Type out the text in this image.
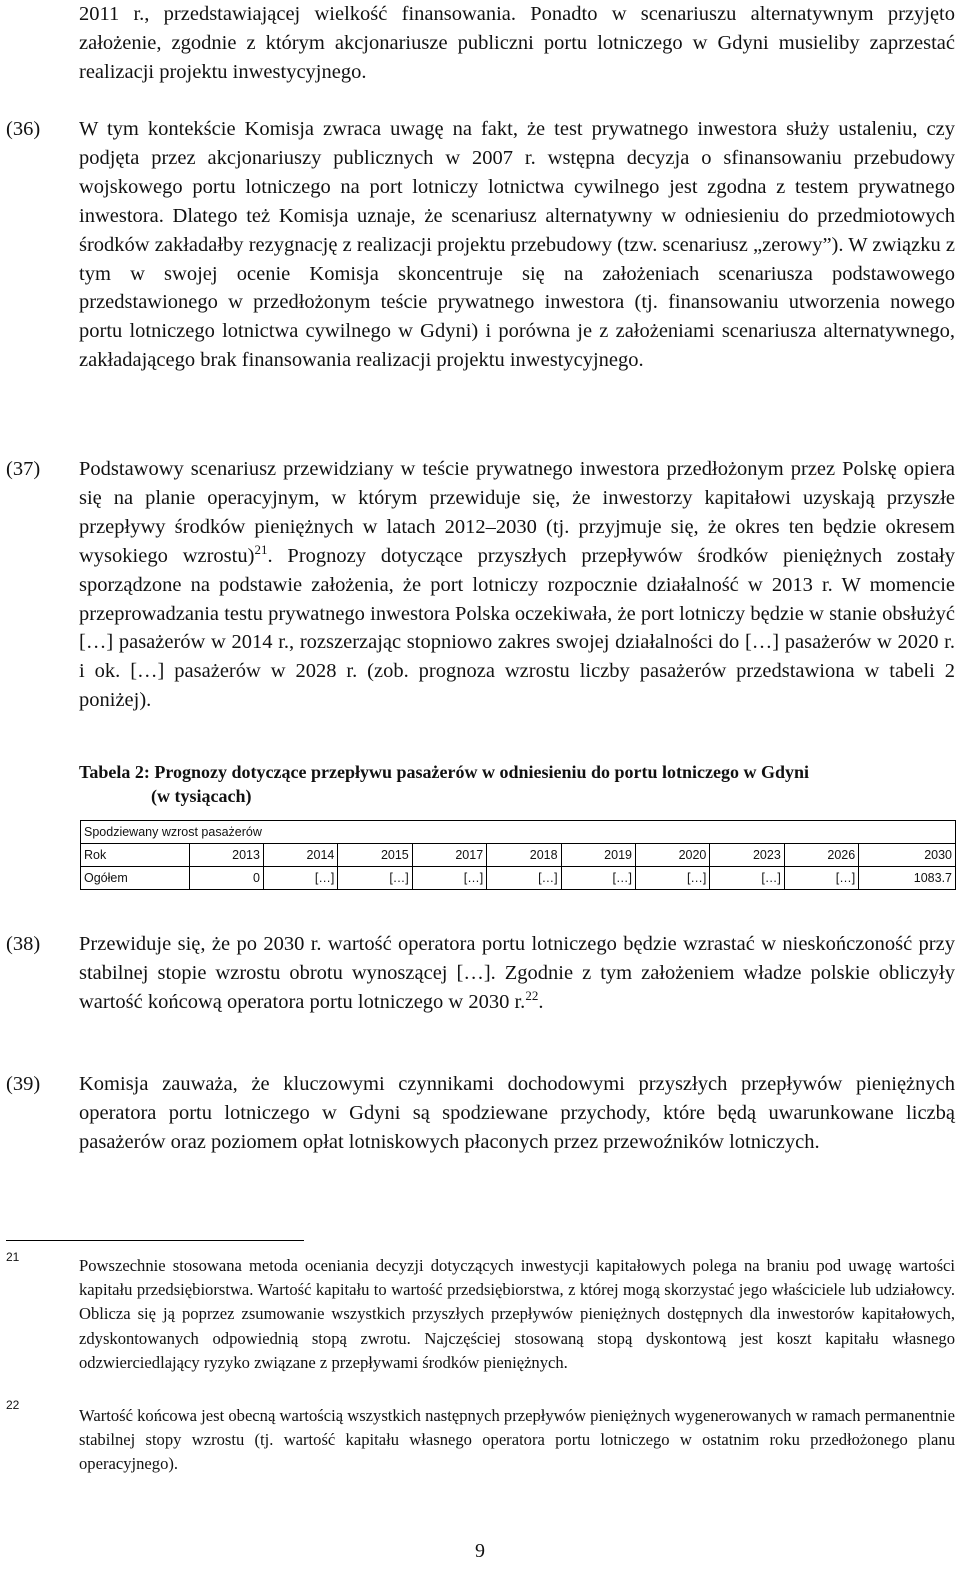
2011 r., przedstawiającej wielkość finansowania. Ponadto w scenariuszu alternatywnym przyjęto założenie, zgodnie z którym akcjonariusze publiczni portu lotniczego w Gdyni musieliby zaprzestać realizacji projektu inwestycyjnego.
(36) W tym kontekście Komisja zwraca uwagę na fakt, że test prywatnego inwestora służy ustaleniu, czy podjęta przez akcjonariuszy publicznych w 2007 r. wstępna decyzja o sfinansowaniu przebudowy wojskowego portu lotniczego na port lotniczy lotnictwa cywilnego jest zgodna z testem prywatnego inwestora. Dlatego też Komisja uznaje, że scenariusz alternatywny w odniesieniu do przedmiotowych środków zakładałby rezygnację z realizacji projektu przebudowy (tzw. scenariusz „zerowy”). W związku z tym w swojej ocenie Komisja skoncentruje się na założeniach scenariusza podstawowego przedstawionego w przedłożonym teście prywatnego inwestora (tj. finansowaniu utworzenia nowego portu lotniczego lotnictwa cywilnego w Gdyni) i porówna je z założeniami scenariusza alternatywnego, zakładającego brak finansowania realizacji projektu inwestycyjnego.
(37) Podstawowy scenariusz przewidziany w teście prywatnego inwestora przedłożonym przez Polskę opiera się na planie operacyjnym, w którym przewiduje się, że inwestorzy kapitałowi uzyskają przyszłe przepływy środków pieniężnych w latach 2012–2030 (tj. przyjmuje się, że okres ten będzie okresem wysokiego wzrostu)$^{21}$. Prognozy dotyczące przyszłych przepływów środków pieniężnych zostały sporządzone na podstawie założenia, że port lotniczy rozpocznie działalność w 2013 r. W momencie przeprowadzania testu prywatnego inwestora Polska oczekiwała, że port lotniczy będzie w stanie obsłużyć […] pasażerów w 2014 r., rozszerzając stopniowo zakres swojej działalności do […] pasażerów w 2020 r. i ok. […] pasażerów w 2028 r. (zob. prognoza wzrostu liczby pasażerów przedstawiona w tabeli 2 poniżej).
Tabela 2: Prognozy dotyczące przepływu pasażerów w odniesieniu do portu lotniczego w Gdyni
(w tysiącach)
Spodziewany wzrost pasażerów										
Rok	2013	2014	2015	2017	2018	2019	2020	2023	2026	2030
Ogółem	0	[…]	[…]	[…]	[…]	[…]	[…]	[…]	[…]	1083.7
(38) Przewiduje się, że po 2030 r. wartość operatora portu lotniczego będzie wzrastać w nieskończoność przy stabilnej stopie wzrostu obrotu wynoszącej […]. Zgodnie z tym założeniem władze polskie obliczyły wartość końcową operatora portu lotniczego w 2030 r.$^{22}$.
(39) Komisja zauważa, że kluczowymi czynnikami dochodowymi przyszłych przepływów pieniężnych operatora portu lotniczego w Gdyni są spodziewane przychody, które będą uwarunkowane liczbą pasażerów oraz poziomem opłat lotniskowych płaconych przez przewoźników lotniczych.
21	Powszechnie stosowana metoda oceniania decyzji dotyczących inwestycji kapitałowych polega na braniu pod uwagę wartości kapitału przedsiębiorstwa. Wartość kapitału to wartość przedsiębiorstwa, z której mogą skorzystać jego właściciele lub udziałowcy. Oblicza się ją poprzez zsumowanie wszystkich przyszłych przepływów pieniężnych dostępnych dla inwestorów kapitałowych, zdyskontowanych odpowiednią stopą zwrotu. Najczęściej stosowaną stopą dyskontową jest koszt kapitału własnego odzwierciedlający ryzyko związane z przepływami środków pieniężnych.
22
Wartość końcowa jest obecną wartością wszystkich następnych przepływów pieniężnych wygenerowanych w ramach permanentnie stabilnej stopy wzrostu (tj. wartość kapitału własnego operatora portu lotniczego w ostatnim roku przedłożonego planu operacyjnego).
9
